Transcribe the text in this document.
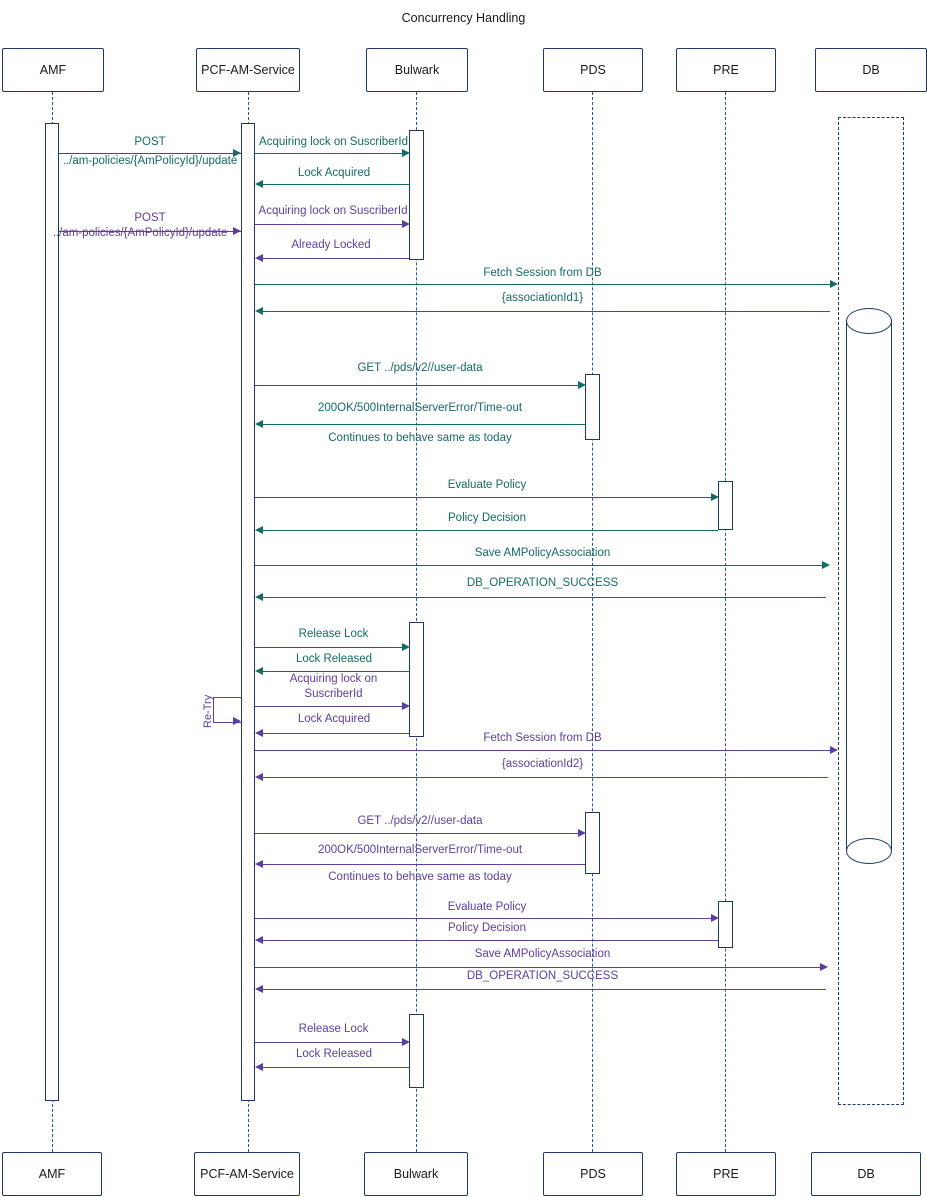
Concurrency Handling
AMF	PCF-AM-Service	Bulwark	PDS	PRE	DB
AMF	PCF-AM-Service	Bulwark	PDS	PRE	DB
POST
../am-policies/{AmPolicyId}/update
Acquiring lock on SuscriberId
Lock Acquired
POST
../am-policies/{AmPolicyId}/update
Acquiring lock on SuscriberId
Already Locked
Fetch Session from DB
{associationId1}
GET ../pds/v2//user-data
200OK/500InternalServerError/Time-out
Continues to behave same as today
Evaluate Policy
Policy Decision
Save AMPolicyAssociation
DB_OPERATION_SUCCESS
Release Lock
Lock Released
Re-Try
Acquiring lock on
SuscriberId
Lock Acquired
Fetch Session from DB
{associationId2}
GET ../pds/v2//user-data
200OK/500InternalServerError/Time-out
Continues to behave same as today
Evaluate Policy
Policy Decision
Save AMPolicyAssociation
DB_OPERATION_SUCCESS
Release Lock
Lock Released
